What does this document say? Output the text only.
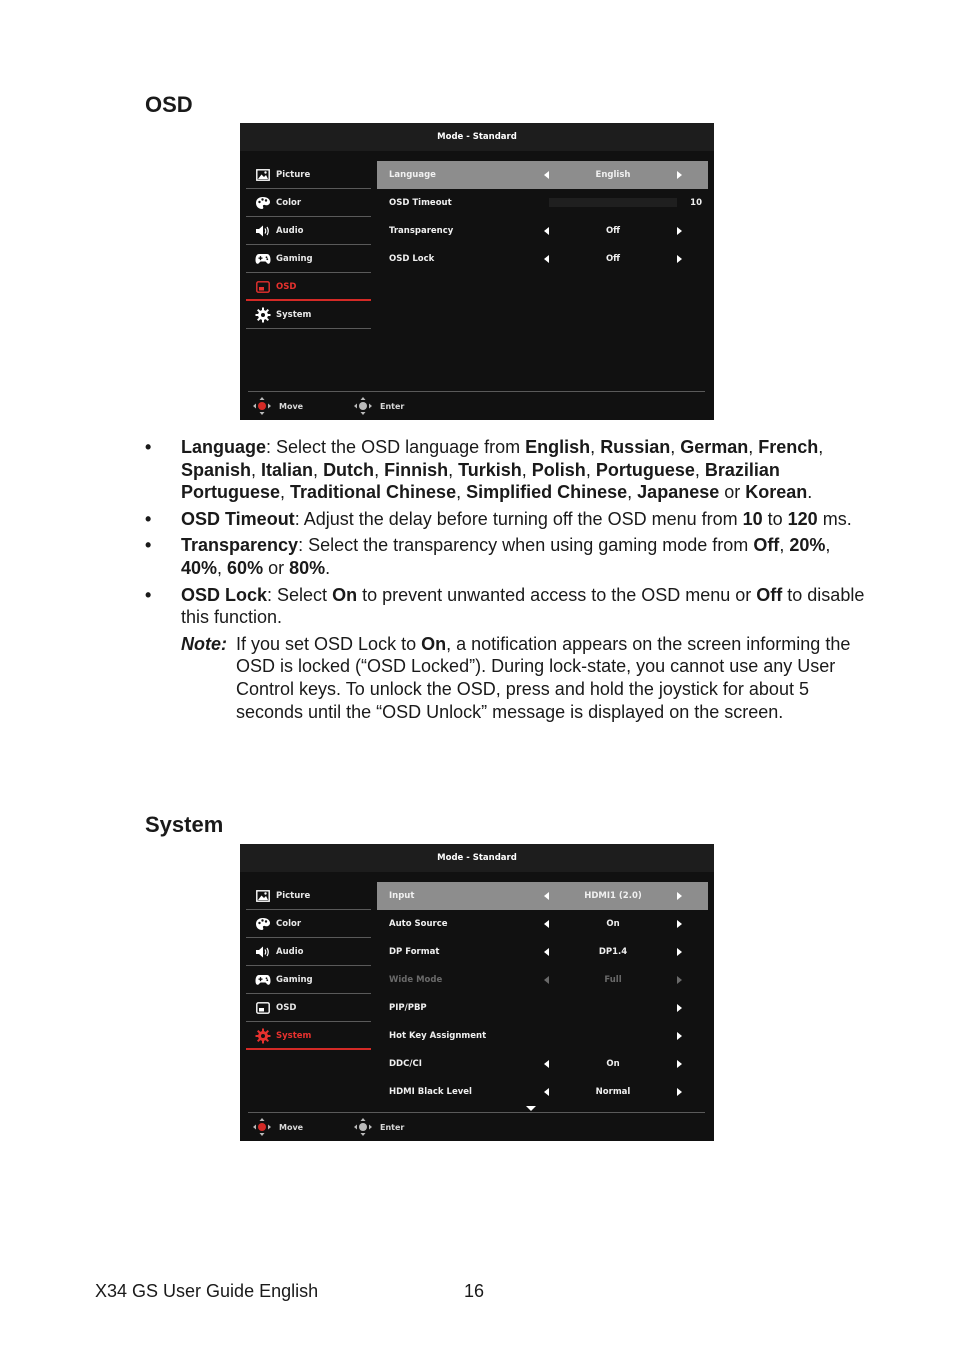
OSD
Mode - Standard
Picture
Color
Audio
Gaming
OSD
System
Language	English
OSD Timeout	10
Transparency	Off
OSD Lock	Off
Move	Enter
• Language: Select the OSD language from English, Russian, German, French, Spanish, Italian, Dutch, Finnish, Turkish, Polish, Portuguese, Brazilian Portuguese, Traditional Chinese, Simplified Chinese, Japanese or Korean.
• OSD Timeout: Adjust the delay before turning off the OSD menu from 10 to 120 ms.
• Transparency: Select the transparency when using gaming mode from Off, 20%, 40%, 60% or 80%.
• OSD Lock: Select On to prevent unwanted access to the OSD menu or Off to disable this function.
Note: If you set OSD Lock to On, a notification appears on the screen informing the OSD is locked (“OSD Locked”). During lock-state, you cannot use any User Control keys. To unlock the OSD, press and hold the joystick for about 5 seconds until the “OSD Unlock” message is displayed on the screen.
System
Mode - Standard
Picture
Color
Audio
Gaming
OSD
System
Input	HDMI1 (2.0)
Auto Source	On
DP Format	DP1.4
Wide Mode	Full
PIP/PBP
Hot Key Assignment
DDC/CI	On
HDMI Black Level	Normal
Move	Enter
X34 GS User Guide English	16
